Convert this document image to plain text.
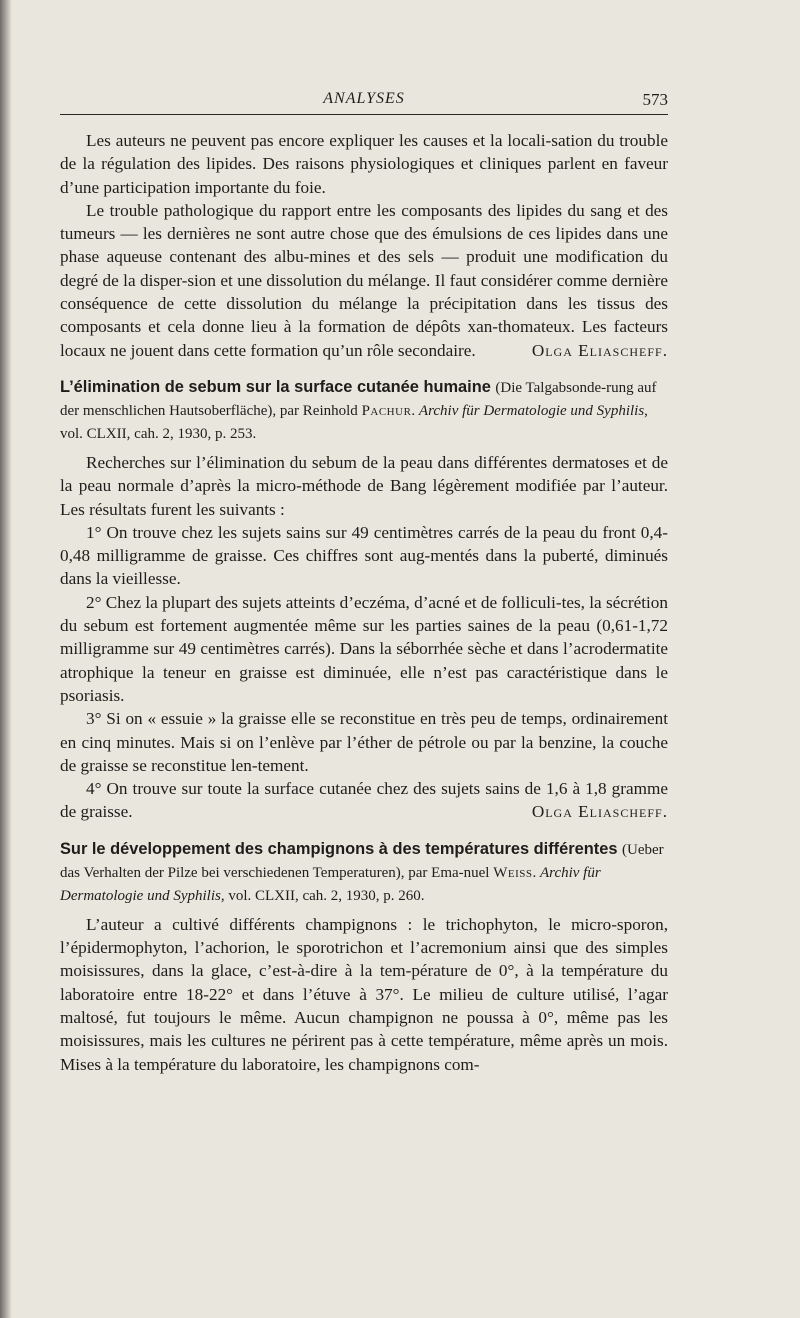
ANALYSES	573

Les auteurs ne peuvent pas encore expliquer les causes et la locali-sation du trouble de la régulation des lipides. Des raisons physiologiques et cliniques parlent en faveur d’une participation importante du foie.

Le trouble pathologique du rapport entre les composants des lipides du sang et des tumeurs — les dernières ne sont autre chose que des émulsions de ces lipides dans une phase aqueuse contenant des albu-mines et des sels — produit une modification du degré de la disper-sion et une dissolution du mélange. Il faut considérer comme dernière conséquence de cette dissolution du mélange la précipitation dans les tissus des composants et cela donne lieu à la formation de dépôts xan-thomateux. Les facteurs locaux ne jouent dans cette formation qu’un rôle secondaire.	Olga Eliascheff.

L’élimination de sebum sur la surface cutanée humaine (Die Talgabsonde-rung auf der menschlichen Hautsoberfläche), par Reinhold Pachur. Archiv für Dermatologie und Syphilis, vol. CLXII, cah. 2, 1930, p. 253.

Recherches sur l’élimination du sebum de la peau dans différentes dermatoses et de la peau normale d’après la micro-méthode de Bang légèrement modifiée par l’auteur. Les résultats furent les suivants :

1° On trouve chez les sujets sains sur 49 centimètres carrés de la peau du front 0,4-0,48 milligramme de graisse. Ces chiffres sont aug-mentés dans la puberté, diminués dans la vieillesse.

2° Chez la plupart des sujets atteints d’eczéma, d’acné et de folliculi-tes, la sécrétion du sebum est fortement augmentée même sur les parties saines de la peau (0,61-1,72 milligramme sur 49 centimètres carrés). Dans la séborrhée sèche et dans l’acrodermatite atrophique la teneur en graisse est diminuée, elle n’est pas caractéristique dans le psoriasis.

3° Si on « essuie » la graisse elle se reconstitue en très peu de temps, ordinairement en cinq minutes. Mais si on l’enlève par l’éther de pétrole ou par la benzine, la couche de graisse se reconstitue len-tement.

4° On trouve sur toute la surface cutanée chez des sujets sains de 1,6 à 1,8 gramme de graisse.	Olga Eliascheff.

Sur le développement des champignons à des températures différentes (Ueber das Verhalten der Pilze bei verschiedenen Temperaturen), par Ema-nuel Weiss. Archiv für Dermatologie und Syphilis, vol. CLXII, cah. 2, 1930, p. 260.

L’auteur a cultivé différents champignons : le trichophyton, le micro-sporon, l’épidermophyton, l’achorion, le sporotrichon et l’acremonium ainsi que des simples moisissures, dans la glace, c’est-à-dire à la tem-pérature de 0°, à la température du laboratoire entre 18-22° et dans l’étuve à 37°. Le milieu de culture utilisé, l’agar maltosé, fut toujours le même. Aucun champignon ne poussa à 0°, même pas les moisissures, mais les cultures ne périrent pas à cette température, même après un mois. Mises à la température du laboratoire, les champignons com-
